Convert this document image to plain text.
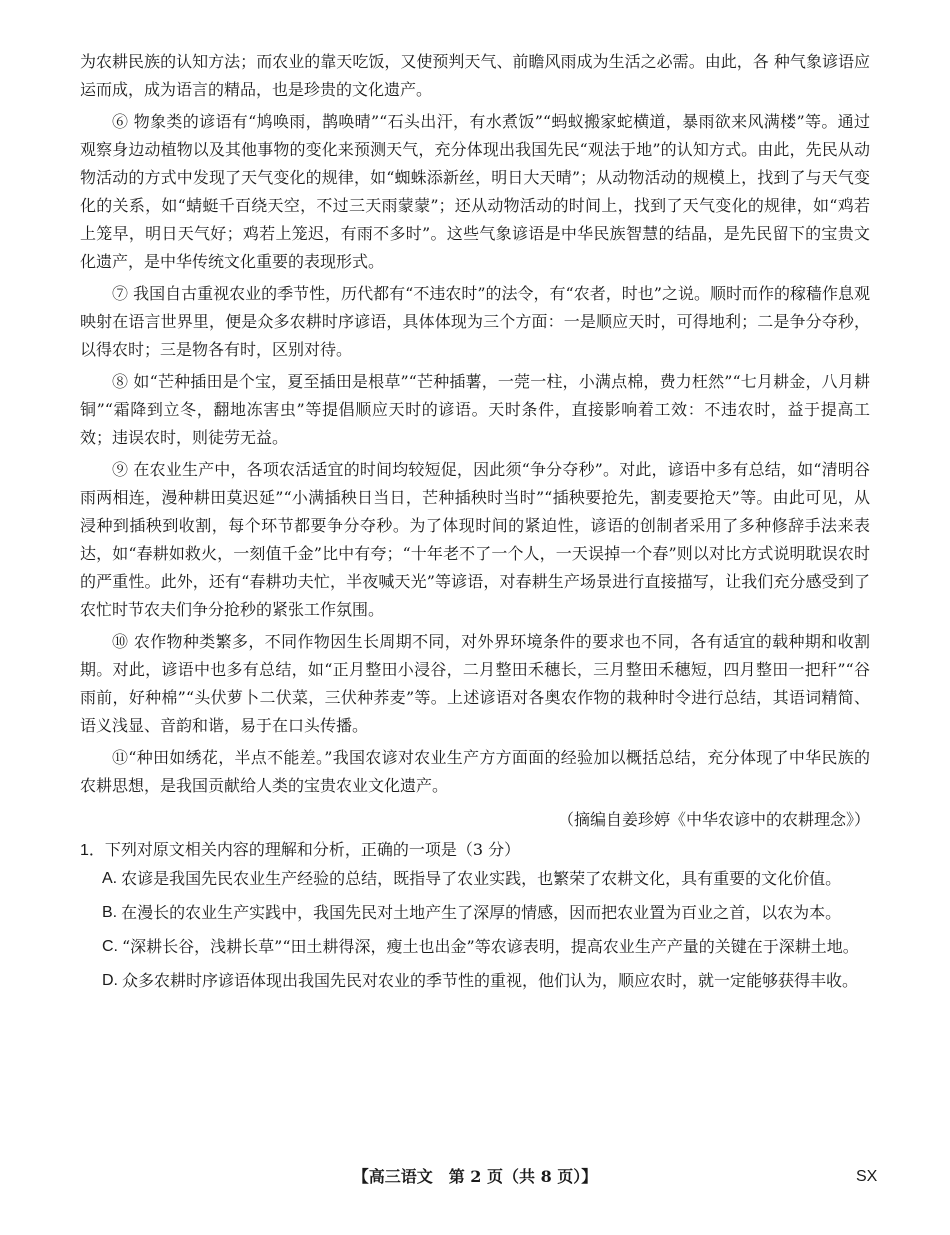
为农耕民族的认知方法；而农业的靠天吃饭，又使预判天气、前瞻风雨成为生活之必需。由此，各 种气象谚语应运而成，成为语言的精品，也是珍贵的文化遗产。

⑥ 物象类的谚语有“鸠唤雨，鹊唤晴”“石头出汗，有水煮饭”“蚂蚁搬家蛇横道，暴雨欲来风满楼”等。通过观察身边动植物以及其他事物的变化来预测天气，充分体现出我国先民“观法于地”的认知方式。由此，先民从动物活动的方式中发现了天气变化的规律，如“蜘蛛添新丝，明日大天晴”；从动物活动的规模上，找到了与天气变化的关系，如“蜻蜓千百绕天空，不过三天雨蒙蒙”；还从动物活动的时间上，找到了天气变化的规律，如“鸡若上笼早，明日天气好；鸡若上笼迟，有雨不多时”。这些气象谚语是中华民族智慧的结晶，是先民留下的宝贵文化遗产，是中华传统文化重要的表现形式。

⑦ 我国自古重视农业的季节性，历代都有“不违农时”的法令，有“农者，时也”之说。顺时而作的稼穑作息观映射在语言世界里，便是众多农耕时序谚语，具体体现为三个方面：一是顺应天时，可得地利；二是争分夺秒，以得农时；三是物各有时，区别对待。

⑧ 如“芒种插田是个宝，夏至插田是根草”“芒种插薯，一莞一柱，小满点棉，费力枉然”“七月耕金，八月耕铜”“霜降到立冬，翻地冻害虫”等提倡顺应天时的谚语。天时条件，直接影响着工效：不违农时，益于提高工效；违误农时，则徒劳无益。

⑨ 在农业生产中，各项农活适宜的时间均较短促，因此须“争分夺秒”。对此，谚语中多有总结，如“清明谷雨两相连，漫种耕田莫迟延”“小满插秧日当日，芒种插秧时当时”“插秧要抢先，割麦要抢天”等。由此可见，从浸种到插秧到收割，每个环节都要争分夺秒。为了体现时间的紧迫性，谚语的创制者采用了多种修辞手法来表达，如“春耕如救火，一刻值千金”比中有夸；“十年老不了一个人，一天误掉一个春”则以对比方式说明耽误农时的严重性。此外，还有“春耕功夫忙，半夜喊天光”等谚语，对春耕生产场景进行直接描写，让我们充分感受到了农忙时节农夫们争分抢秒的紧张工作氛围。

⑩ 农作物种类繁多，不同作物因生长周期不同，对外界环境条件的要求也不同，各有适宜的载种期和收割期。对此，谚语中也多有总结，如“正月整田小浸谷，二月整田禾穗长，三月整田禾穗短，四月整田一把秆”“谷雨前，好种棉”“头伏萝卜二伏菜，三伏种荞麦”等。上述谚语对各奥农作物的栽种时令进行总结，其语词精简、语义浅显、音韵和谐，易于在口头传播。

⑪“种田如绣花，半点不能差。”我国农谚对农业生产方方面面的经验加以概括总结，充分体现了中华民族的农耕思想，是我国贡献给人类的宝贵农业文化遗产。

（摘编自姜珍婷《中华农谚中的农耕理念》）
1．下列对原文相关内容的理解和分析，正确的一项是（3 分）
A. 农谚是我国先民农业生产经验的总结，既指导了农业实践，也繁荣了农耕文化，具有重要的文化价值。
B. 在漫长的农业生产实践中，我国先民对土地产生了深厚的情感，因而把农业置为百业之首，以农为本。
C. “深耕长谷，浅耕长草”“田土耕得深，瘦土也出金”等农谚表明，提高农业生产产量的关键在于深耕土地。
D. 众多农耕时序谚语体现出我国先民对农业的季节性的重视，他们认为，顺应农时，就一定能够获得丰收。
【高三语文　第 2 页（共 8 页）】	SX
